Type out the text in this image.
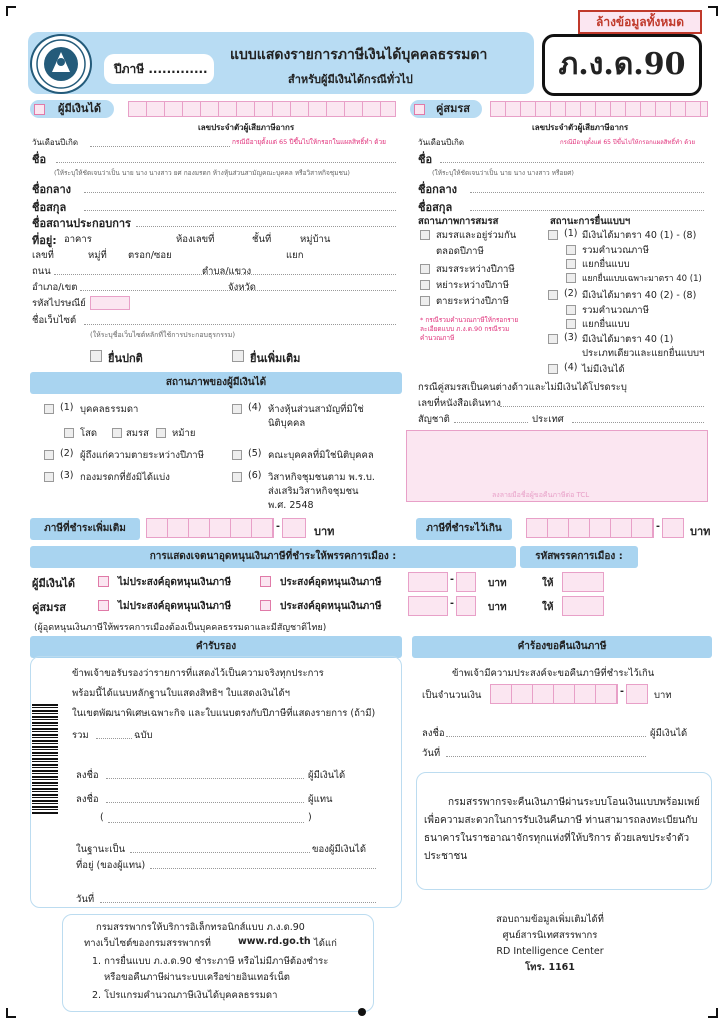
ล้างข้อมูลทั้งหมด
ปีภาษี .............
แบบแสดงรายการภาษีเงินได้บุคคลธรรมดา
สำหรับผู้มีเงินได้กรณีทั่วไป	ภ.ง.ด.90
ผู้มีเงินได้
เลขประจำตัวผู้เสียภาษีอากร
วันเดือนปีเกิด	กรณีมีอายุตั้งแต่ 65 ปีขึ้นไปให้กรอกในแผลสิทธิ์ทำ ด้วย
ชื่อ
(ให้ระบุให้ชัดเจนว่าเป็น นาย นาง นางสาว ยศ กองมรดก ห้างหุ้นส่วนสามัญคณะบุคคล หรือวิสาหกิจชุมชน)
ชื่อกลาง
ชื่อสกุล
ชื่อสถานประกอบการ
ที่อยู่: อาคาร	ห้องเลขที่	ชั้นที่	หมู่บ้าน
เลขที่	หมู่ที่ ตรอก/ซอย	แยก
ถนน	ตำบล/แขวง
อำเภอ/เขต	จังหวัด
รหัสไปรษณีย์
ชื่อเว็บไซต์
(ให้ระบุชื่อเว็บไซต์หลักที่ใช้การประกอบธุรกรรม)
ยื่นปกติ	ยื่นเพิ่มเติม
คู่สมรส
เลขประจำตัวผู้เสียภาษีอากร
วันเดือนปีเกิด	กรณีมีอายุตั้งแต่ 65 ปีขึ้นไปให้กรอกแผลสิทธิ์ทำ ด้วย
ชื่อ
(ให้ระบุให้ชัดเจนว่าเป็น นาย นาง นางสาว หรือยศ)
ชื่อกลาง
ชื่อสกุล
สถานภาพการสมรส	สถานะการยื่นแบบฯ
สมรสและอยู่ร่วมกัน
ตลอดปีภาษี
สมรสระหว่างปีภาษี
หย่าระหว่างปีภาษี
ตายระหว่างปีภาษี
* กรณีรวมคำนวณภาษีให้กรอกรายละเอียดแบบ ภ.ง.ด.90 กรณีรวมคำนวณภาษี
(1) มีเงินได้มาตรา 40 (1) - (8)
รวมคำนวณภาษี
แยกยื่นแบบ
แยกยื่นแบบเฉพาะมาตรา 40 (1)
(2) มีเงินได้มาตรา 40 (2) - (8)
รวมคำนวณภาษี
แยกยื่นแบบ
(3) มีเงินได้มาตรา 40 (1)
ประเภทเดียวและแยกยื่นแบบฯ
(4) ไม่มีเงินได้
กรณีคู่สมรสเป็นคนต่างด้าวและไม่มีเงินได้โปรดระบุ
เลขที่หนังสือเดินทาง
สัญชาติ	ประเทศ
ลงลายมือชื่อผู้ขอคืนภาษีต่อ TCL
สถานภาพของผู้มีเงินได้
(1) บุคคลธรรมดา
โสด	สมรส หม้าย
(2) ผู้ถึงแก่ความตายระหว่างปีภาษี
(3) กองมรดกที่ยังมิได้แบ่ง
(4) ห้างหุ้นส่วนสามัญที่มิใช่
นิติบุคคล
(5) คณะบุคคลที่มิใช่นิติบุคคล
(6) วิสาหกิจชุมชนตาม พ.ร.บ.
ส่งเสริมวิสาหกิจชุมชน
พ.ศ. 2548
ภาษีที่ชำระเพิ่มเติม	-	บาท	ภาษีที่ชำระไว้เกิน	-	บาท
การแสดงเจตนาอุดหนุนเงินภาษีที่ชำระให้พรรคการเมือง :	รหัสพรรคการเมือง :
ผู้มีเงินได้	ไม่ประสงค์อุดหนุนเงินภาษี	ประสงค์อุดหนุนเงินภาษี	-	บาท	ให้
คู่สมรส	ไม่ประสงค์อุดหนุนเงินภาษี	ประสงค์อุดหนุนเงินภาษี	-	บาท	ให้
(ผู้อุดหนุนเงินภาษีให้พรรคการเมืองต้องเป็นบุคคลธรรมดาและมีสัญชาติไทย)
คำรับรอง
ข้าพเจ้าขอรับรองว่ารายการที่แสดงไว้เป็นความจริงทุกประการ
พร้อมนี้ได้แนบหลักฐานใบแสดงสิทธิฯ ใบแสดงเงินได้ฯ
ในเขตพัฒนาพิเศษเฉพาะกิจ และใบแนบตรงกับปีภาษีที่แสดงรายการ (ถ้ามี)
รวม	ฉบับ
ลงชื่อ	ผู้มีเงินได้
ลงชื่อ	ผู้แทน
(	)
ในฐานะเป็น	ของผู้มีเงินได้
ที่อยู่ (ของผู้แทน)
วันที่
คำร้องขอคืนเงินภาษี
ข้าพเจ้ามีความประสงค์จะขอคืนภาษีที่ชำระไว้เกิน
เป็นจำนวนเงิน	-	บาท
ลงชื่อ	ผู้มีเงินได้
วันที่
กรมสรรพากรจะคืนเงินภาษีผ่านระบบโอนเงินแบบพร้อมเพย์ เพื่อความสะดวกในการรับเงินคืนภาษี ท่านสามารถลงทะเบียนกับธนาคารในราชอาณาจักรทุกแห่งที่ให้บริการ ด้วยเลขประจำตัวประชาชน
กรมสรรพากรให้บริการอิเล็กทรอนิกส์แบบ ภ.ง.ด.90
ทางเว็บไซต์ของกรมสรรพากรที่	www.rd.go.th ได้แก่
1. การยื่นแบบ ภ.ง.ด.90 ชำระภาษี หรือไม่มีภาษีต้องชำระ
หรือขอคืนภาษีผ่านระบบเครือข่ายอินเทอร์เน็ต
2. โปรแกรมคำนวณภาษีเงินได้บุคคลธรรมดา
สอบถามข้อมูลเพิ่มเติมได้ที่
ศูนย์สารนิเทศสรรพากร
RD Intelligence Center
โทร. 1161
